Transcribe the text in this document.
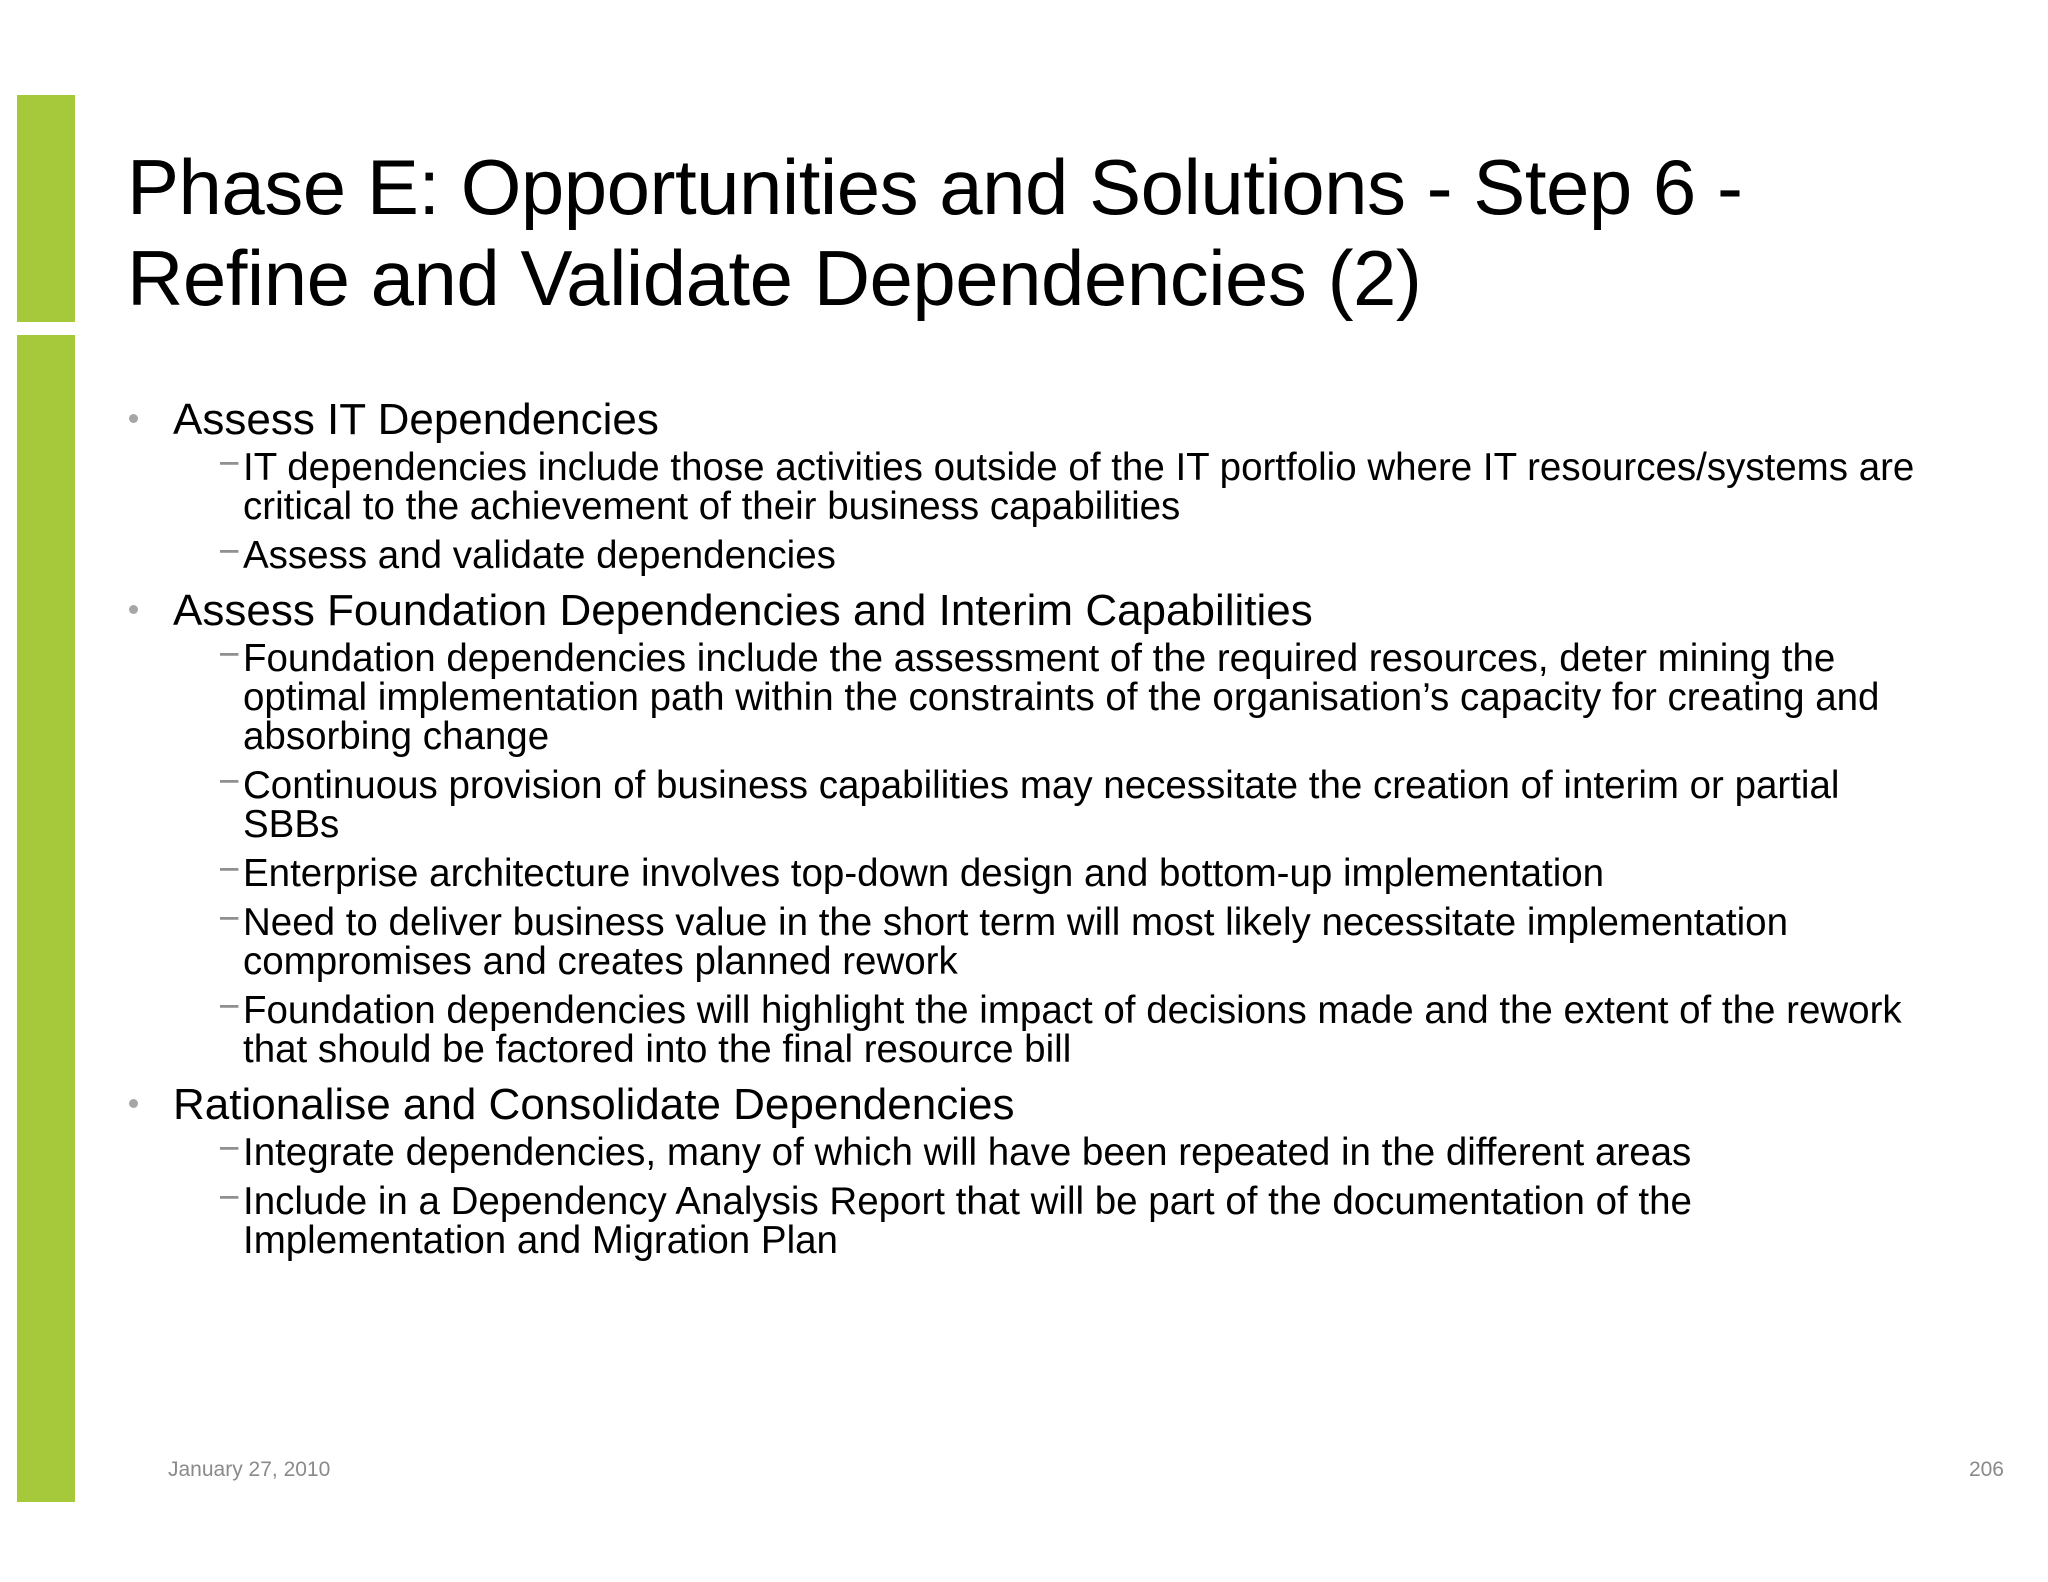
Phase E: Opportunities and Solutions - Step 6 -
Refine and Validate Dependencies (2)
Assess IT Dependencies
− IT dependencies include those activities outside of the IT portfolio where IT resources/systems are critical to the achievement of their business capabilities
− Assess and validate dependencies
Assess Foundation Dependencies and Interim Capabilities
− Foundation dependencies include the assessment of the required resources, deter mining the optimal implementation path within the constraints of the organisation’s capacity for creating and absorbing change
− Continuous provision of business capabilities may necessitate the creation of interim or partial SBBs
− Enterprise architecture involves top-down design and bottom-up implementation
− Need to deliver business value in the short term will most likely necessitate implementation compromises and creates planned rework
− Foundation dependencies will highlight the impact of decisions made and the extent of the rework that should be factored into the final resource bill
Rationalise and Consolidate Dependencies
− Integrate dependencies, many of which will have been repeated in the different areas
− Include in a Dependency Analysis Report that will be part of the documentation of the Implementation and Migration Plan
January 27, 2010	206
